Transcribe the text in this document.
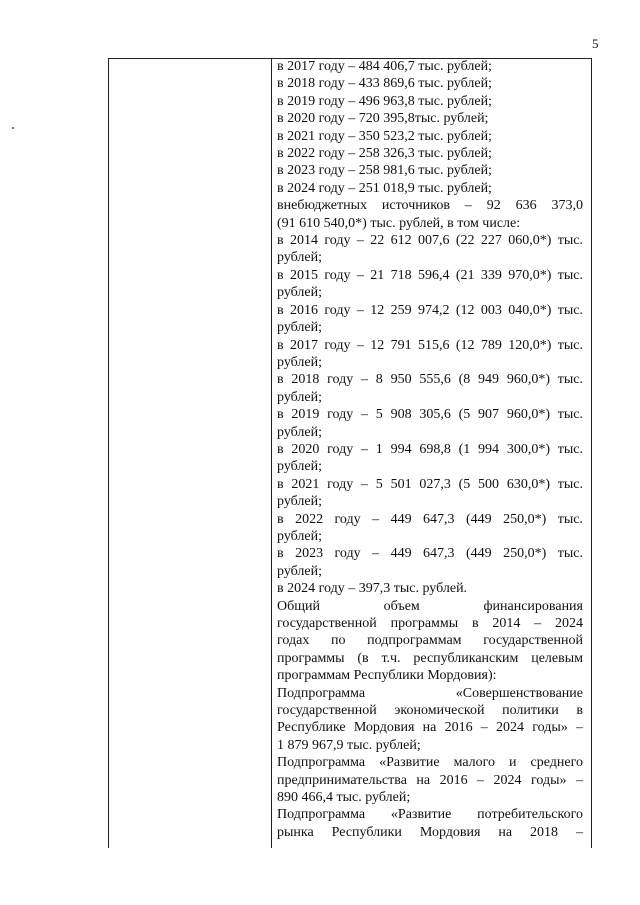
5
в 2017 году – 484 406,7 тыс. рублей;
в 2018 году – 433 869,6 тыс. рублей;
в 2019 году – 496 963,8 тыс. рублей;
в 2020 году – 720 395,8тыс. рублей;
в 2021 году – 350 523,2 тыс. рублей;
в 2022 году – 258 326,3 тыс. рублей;
в 2023 году – 258 981,6 тыс. рублей;
в 2024 году – 251 018,9 тыс. рублей;
внебюджетных источников – 92 636 373,0
(91 610 540,0*) тыс. рублей, в том числе:
в 2014 году – 22 612 007,6 (22 227 060,0*) тыс.
рублей;
в 2015 году – 21 718 596,4 (21 339 970,0*) тыс.
рублей;
в 2016 году – 12 259 974,2 (12 003 040,0*) тыс.
рублей;
в 2017 году – 12 791 515,6 (12 789 120,0*) тыс.
рублей;
в 2018 году – 8 950 555,6 (8 949 960,0*) тыс.
рублей;
в 2019 году – 5 908 305,6 (5 907 960,0*) тыс.
рублей;
в 2020 году – 1 994 698,8 (1 994 300,0*) тыс.
рублей;
в 2021 году – 5 501 027,3 (5 500 630,0*) тыс.
рублей;
в 2022 году – 449 647,3 (449 250,0*) тыс.
рублей;
в 2023 году – 449 647,3 (449 250,0*) тыс.
рублей;
в 2024 году – 397,3 тыс. рублей.
Общий объем финансирования
государственной программы в 2014 – 2024
годах по подпрограммам государственной
программы (в т.ч. республиканским целевым
программам Республики Мордовия):
Подпрограмма «Совершенствование
государственной экономической политики в
Республике Мордовия на 2016 – 2024 годы» –
1 879 967,9 тыс. рублей;
Подпрограмма «Развитие малого и среднего
предпринимательства на 2016 – 2024 годы» –
890 466,4 тыс. рублей;
Подпрограмма «Развитие потребительского
рынка Республики Мордовия на 2018 –
